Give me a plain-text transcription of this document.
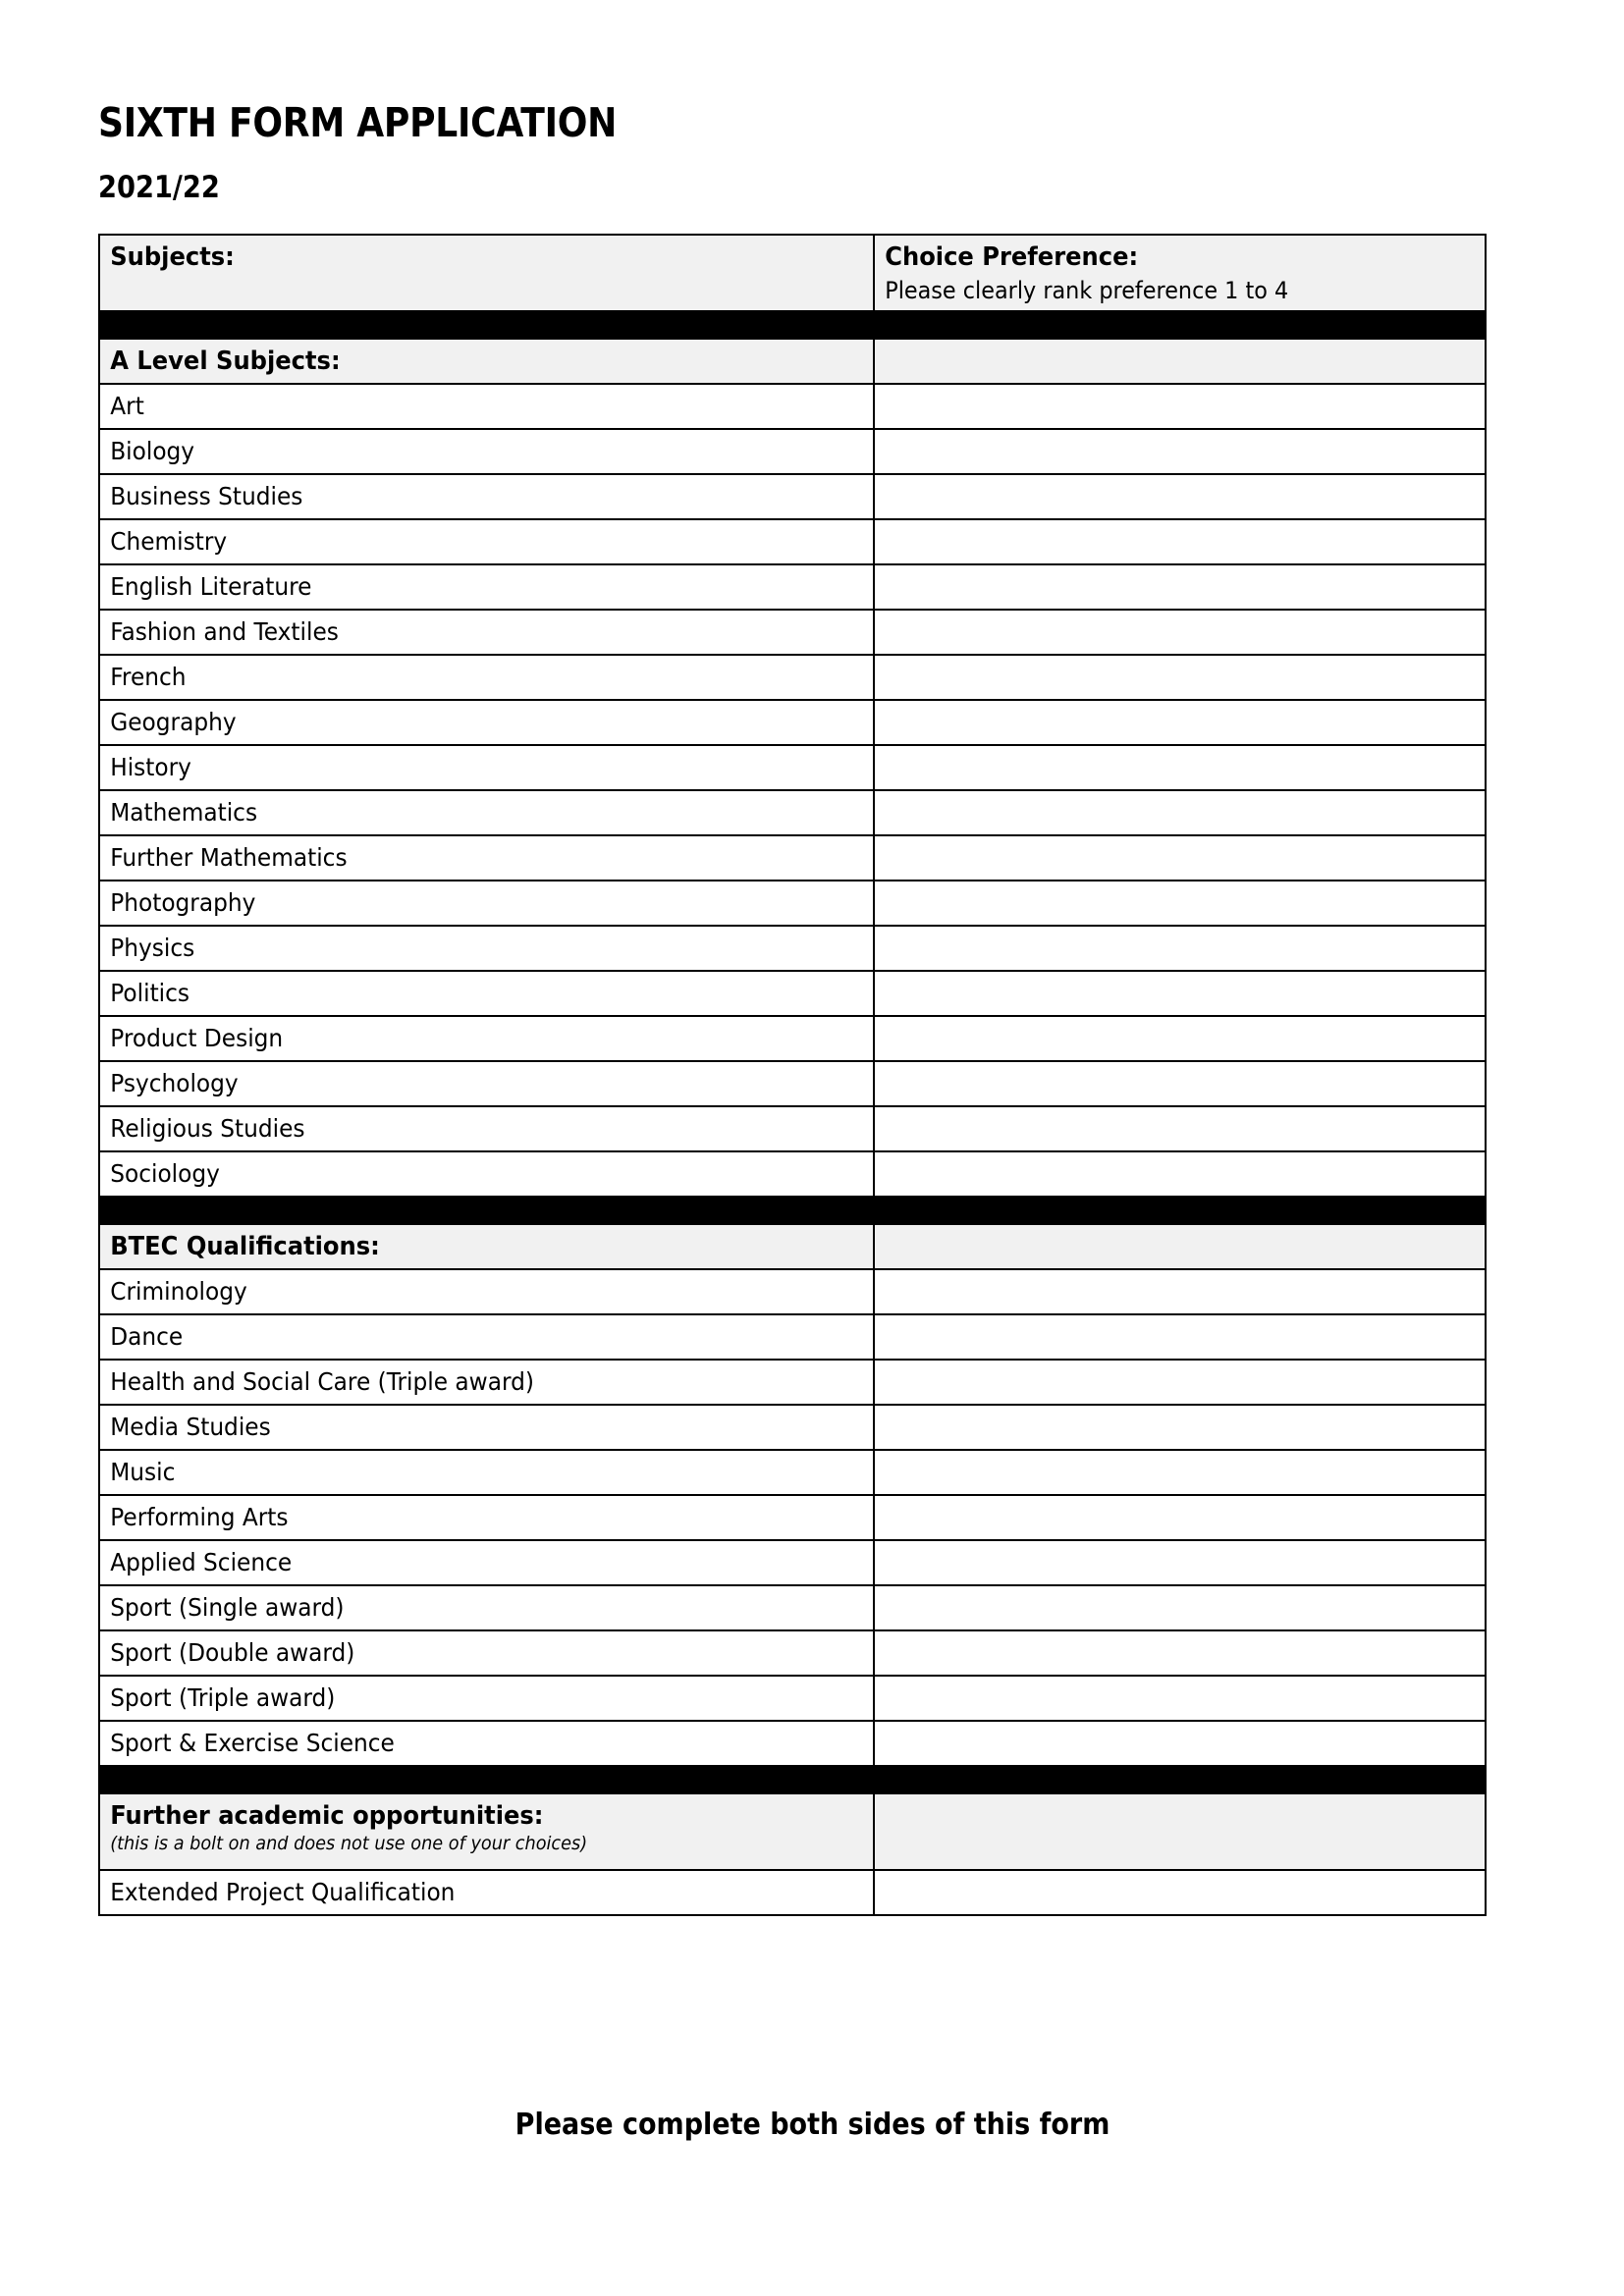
SIXTH FORM APPLICATION
2021/22
Subjects:	Choice Preference:
Please clearly rank preference 1 to 4

A Level Subjects:	

Art	

Biology	

Business Studies	

Chemistry	

English Literature	

Fashion and Textiles	

French	

Geography	

History	

Mathematics	

Further Mathematics	

Photography	

Physics	

Politics	

Product Design	

Psychology	

Religious Studies	

Sociology	

BTEC Qualifications:	

Criminology	

Dance	

Health and Social Care (Triple award)	

Media Studies	

Music	

Performing Arts	

Applied Science	

Sport (Single award)	

Sport (Double award)	

Sport (Triple award)	

Sport & Exercise Science	

Further academic opportunities:
(this is a bolt on and does not use one of your choices)	

Extended Project Qualification	

Please complete both sides of this form
